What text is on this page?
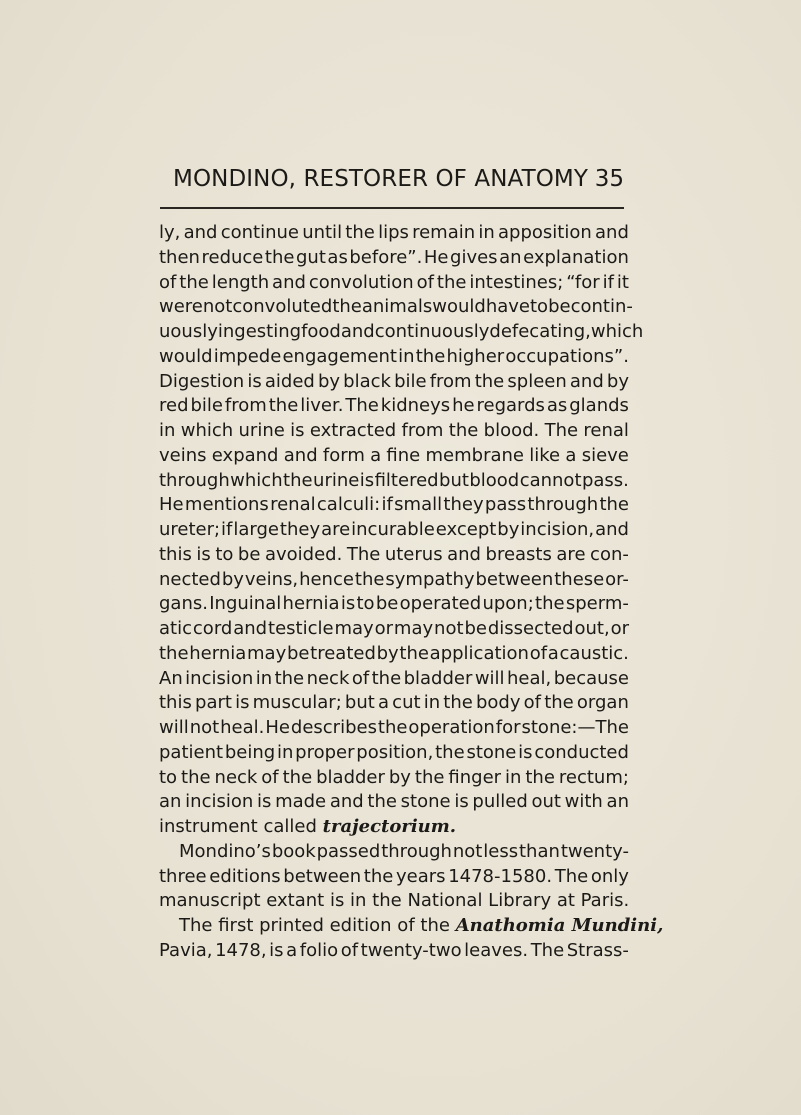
MONDINO, RESTORER OF ANATOMY 35
ly, and continue until the lips remain in apposition and
then reduce the gut as before”. He gives an explanation
of the length and convolution of the intestines; “for if it
were not convoluted the animals would have to be contin-
uously ingesting food and continuously defecating, which
would impede engagement in the higher occupations”.
Digestion is aided by black bile from the spleen and by
red bile from the liver. The kidneys he regards as glands
in which urine is extracted from the blood. The renal
veins expand and form a fine membrane like a sieve
through which the urine is filtered but blood cannot pass.
He mentions renal calculi: if small they pass through the
ureter; if large they are incurable except by incision, and
this is to be avoided. The uterus and breasts are con-
nected by veins, hence the sympathy between these or-
gans. Inguinal hernia is to be operated upon; the sperm-
atic cord and testicle may or may not be dissected out, or
the hernia may be treated by the application of a caustic.
An incision in the neck of the bladder will heal, because
this part is muscular; but a cut in the body of the organ
will not heal. He describes the operation for stone:—The
patient being in proper position, the stone is conducted
to the neck of the bladder by the finger in the rectum;
an incision is made and the stone is pulled out with an
instrument called trajectorium.
Mondino’s book passed through not less than twenty-
three editions between the years 1478-1580. The only
manuscript extant is in the National Library at Paris.
The first printed edition of the Anathomia Mundini,
Pavia, 1478, is a folio of twenty-two leaves. The Strass-
